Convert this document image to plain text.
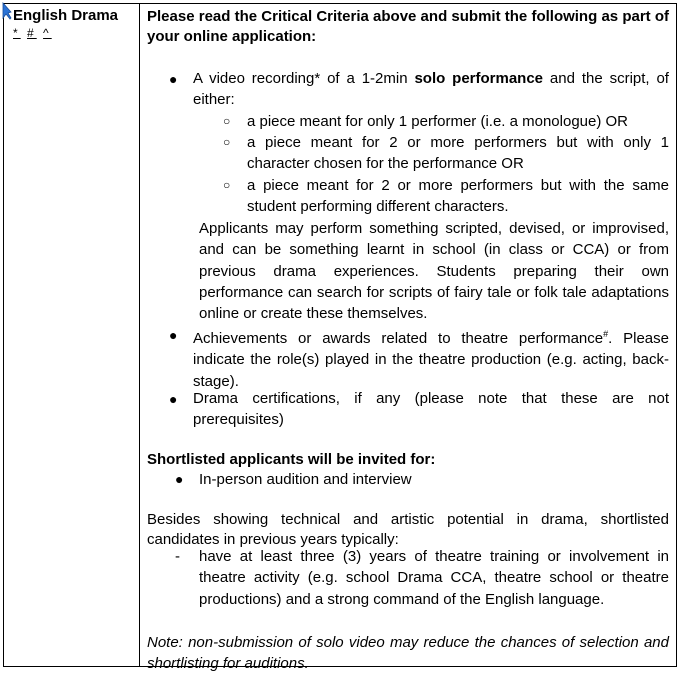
English Drama
* # ^
Please read the Critical Criteria above and submit the following as part of your online application:
● A video recording* of a 1-2min solo performance and the script, of either:
○ a piece meant for only 1 performer (i.e. a monologue) OR
○ a piece meant for 2 or more performers but with only 1 character chosen for the performance OR
○ a piece meant for 2 or more performers but with the same student performing different characters.
Applicants may perform something scripted, devised, or improvised, and can be something learnt in school (in class or CCA) or from previous drama experiences. Students preparing their own performance can search for scripts of fairy tale or folk tale adaptations online or create these themselves.
● Achievements or awards related to theatre performance#. Please indicate the role(s) played in the theatre production (e.g. acting, back-stage).
● Drama certifications, if any (please note that these are not prerequisites)
Shortlisted applicants will be invited for:
● In-person audition and interview
Besides showing technical and artistic potential in drama, shortlisted candidates in previous years typically:
- have at least three (3) years of theatre training or involvement in theatre activity (e.g. school Drama CCA, theatre school or theatre productions) and a strong command of the English language.
Note: non-submission of solo video may reduce the chances of selection and shortlisting for auditions.
